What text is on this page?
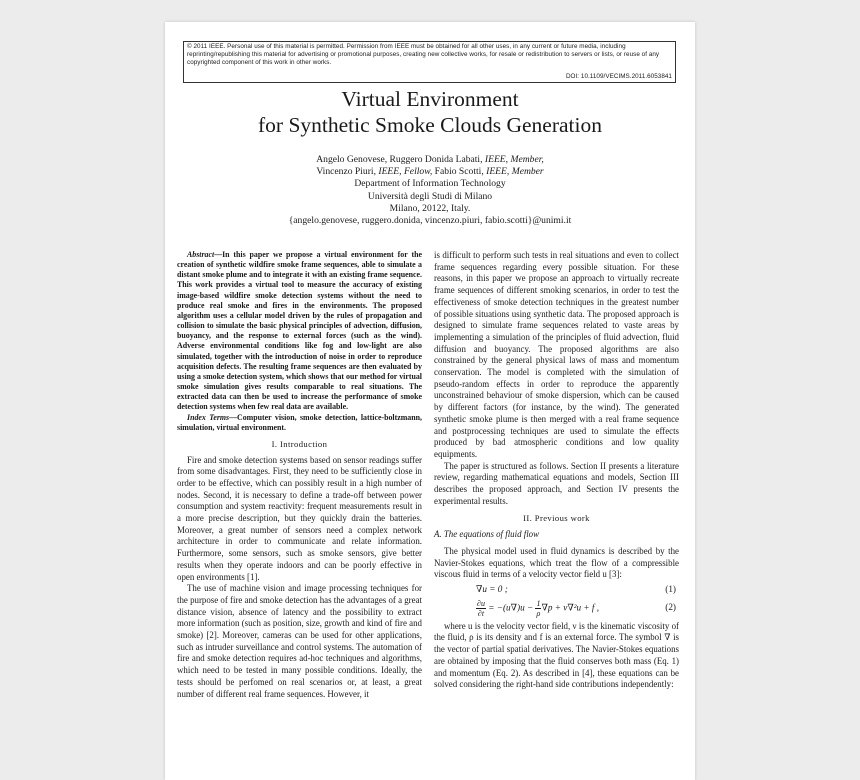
© 2011 IEEE. Personal use of this material is permitted. Permission from IEEE must be obtained for all other uses, in any current or future media, including reprinting/republishing this material for advertising or promotional purposes, creating new collective works, for resale or redistribution to servers or lists, or reuse of any copyrighted component of this work in other works.
DOI: 10.1109/VECIMS.2011.6053841
Virtual Environment
for Synthetic Smoke Clouds Generation
Angelo Genovese, Ruggero Donida Labati, IEEE, Member,
Vincenzo Piuri, IEEE, Fellow, Fabio Scotti, IEEE, Member
Department of Information Technology
Università degli Studi di Milano
Milano, 20122, Italy.
{angelo.genovese, ruggero.donida, vincenzo.piuri, fabio.scotti}@unimi.it

Abstract—In this paper we propose a virtual environment for the creation of synthetic wildfire smoke frame sequences, able to simulate a distant smoke plume and to integrate it with an existing frame sequence. This work provides a virtual tool to measure the accuracy of existing image-based wildfire smoke detection systems without the need to produce real smoke and fires in the environments. The proposed algorithm uses a cellular model driven by the rules of propagation and collision to simulate the basic physical principles of advection, diffusion, buoyancy, and the response to external forces (such as the wind). Adverse environmental conditions like fog and low-light are also simulated, together with the introduction of noise in order to reproduce acquisition defects. The resulting frame sequences are then evaluated by using a smoke detection system, which shows that our method for virtual smoke simulation gives results comparable to real situations. The extracted data can then be used to increase the performance of smoke detection systems when few real data are available.

Index Terms—Computer vision, smoke detection, lattice-boltzmann, simulation, virtual environment.

I. Introduction

Fire and smoke detection systems based on sensor readings suffer from some disadvantages. First, they need to be sufficiently close in order to be effective, which can possibly result in a high number of nodes. Second, it is necessary to define a trade-off between power consumption and system reactivity: frequent measurements result in a more precise description, but they quickly drain the batteries. Moreover, a great number of sensors need a complex network architecture in order to communicate and relate information. Furthermore, some sensors, such as smoke sensors, give better results when they operate indoors and can be poorly effective in open environments [1].

The use of machine vision and image processing techniques for the purpose of fire and smoke detection has the advantages of a great distance vision, absence of latency and the possibility to extract more information (such as position, size, growth and kind of fire and smoke) [2]. Moreover, cameras can be used for other applications, such as intruder surveillance and control systems. The automation of fire and smoke detection requires ad-hoc techniques and algorithms, which need to be tested in many possible conditions. Ideally, the tests should be perfomed on real scenarios or, at least, a great number of different real frame sequences. However, it

is difficult to perform such tests in real situations and even to collect frame sequences regarding every possible situation. For these reasons, in this paper we propose an approach to virtually recreate frame sequences of different smoking scenarios, in order to test the effectiveness of smoke detection techniques in the greatest number of possible situations using synthetic data. The proposed approach is designed to simulate frame sequences related to vaste areas by implementing a simulation of the principles of fluid advection, fluid diffusion and buoyancy. The proposed algorithms are also constrained by the general physical laws of mass and momentum conservation. The model is completed with the simulation of pseudo-random effects in order to reproduce the apparently unconstrained behaviour of smoke dispersion, which can be caused by different factors (for instance, by the wind). The generated synthetic smoke plume is then merged with a real frame sequence and postprocessing techniques are used to simulate the effects produced by bad atmospheric conditions and low quality equipments.

The paper is structured as follows. Section II presents a literature review, regarding mathematical equations and models, Section III describes the proposed approach, and Section IV presents the experimental results.

II. Previous work
A. The equations of fluid flow

The physical model used in fluid dynamics is described by the Navier-Stokes equations, which treat the flow of a compressible viscous fluid in terms of a velocity vector field u [3]:

∇u = 0 ;	(1)
$\frac{\partial u}{\partial t} = -(u\nabla)u - \frac{1}{\rho} \nabla p + \nu\nabla^2u + f$ ,	(2)

where u is the velocity vector field, ν is the kinematic viscosity of the fluid, ρ is its density and f is an external force. The symbol ∇ is the vector of partial spatial derivatives. The Navier-Stokes equations are obtained by imposing that the fluid conserves both mass (Eq. 1) and momentum (Eq. 2). As described in [4], these equations can be solved considering the right-hand side contributions independently:
